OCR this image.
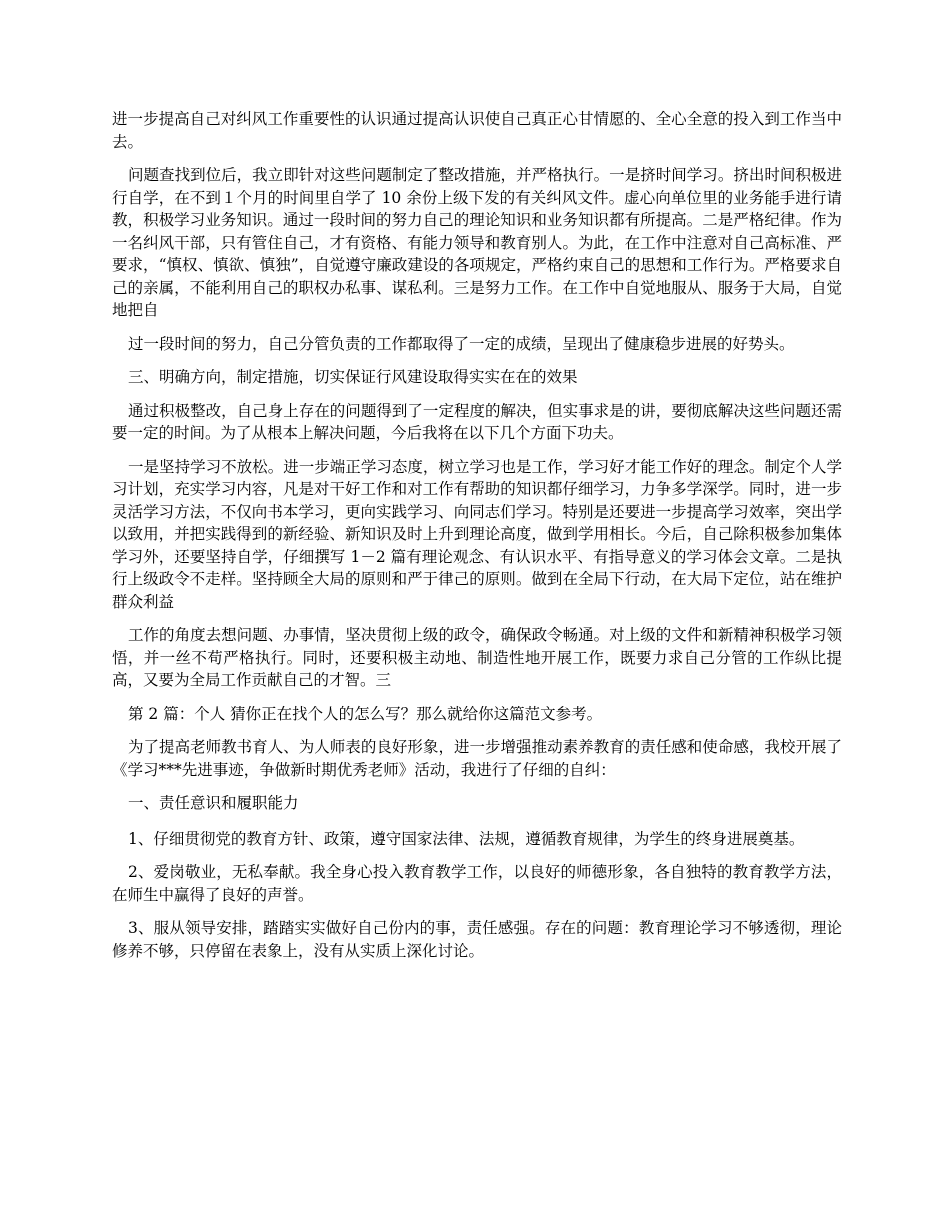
进一步提高自己对纠风工作重要性的认识通过提高认识使自己真正心甘情愿的、全心全意的投入到工作当中去。

问题查找到位后，我立即针对这些问题制定了整改措施，并严格执行。一是挤时间学习。挤出时间积极进行自学，在不到１个月的时间里自学了 10 余份上级下发的有关纠风文件。虚心向单位里的业务能手进行请教，积极学习业务知识。通过一段时间的努力自己的理论知识和业务知识都有所提高。二是严格纪律。作为一名纠风干部，只有管住自己，才有资格、有能力领导和教育别人。为此，在工作中注意对自己高标准、严要求，“慎权、慎欲、慎独”，自觉遵守廉政建设的各项规定，严格约束自己的思想和工作行为。严格要求自己的亲属，不能利用自己的职权办私事、谋私利。三是努力工作。在工作中自觉地服从、服务于大局，自觉地把自

过一段时间的努力，自己分管负责的工作都取得了一定的成绩，呈现出了健康稳步进展的好势头。

三、明确方向，制定措施，切实保证行风建设取得实实在在的效果

通过积极整改，自己身上存在的问题得到了一定程度的解决，但实事求是的讲，要彻底解决这些问题还需要一定的时间。为了从根本上解决问题，今后我将在以下几个方面下功夫。

一是坚持学习不放松。进一步端正学习态度，树立学习也是工作，学习好才能工作好的理念。制定个人学习计划，充实学习内容，凡是对干好工作和对工作有帮助的知识都仔细学习，力争多学深学。同时，进一步灵活学习方法，不仅向书本学习，更向实践学习、向同志们学习。特别是还要进一步提高学习效率，突出学以致用，并把实践得到的新经验、新知识及时上升到理论高度，做到学用相长。今后，自己除积极参加集体学习外，还要坚持自学，仔细撰写 1－2 篇有理论观念、有认识水平、有指导意义的学习体会文章。二是执行上级政令不走样。坚持顾全大局的原则和严于律己的原则。做到在全局下行动，在大局下定位，站在维护群众利益

工作的角度去想问题、办事情，坚决贯彻上级的政令，确保政令畅通。对上级的文件和新精神积极学习领悟，并一丝不苟严格执行。同时，还要积极主动地、制造性地开展工作，既要力求自己分管的工作纵比提高，又要为全局工作贡献自己的才智。三

第 2 篇：个人 猜你正在找个人的怎么写？那么就给你这篇范文参考。

为了提高老师教书育人、为人师表的良好形象，进一步增强推动素养教育的责任感和使命感，我校开展了《学习***先进事迹，争做新时期优秀老师》活动，我进行了仔细的自纠：

一、责任意识和履职能力

1、仔细贯彻党的教育方针、政策，遵守国家法律、法规，遵循教育规律，为学生的终身进展奠基。

2、爱岗敬业，无私奉献。我全身心投入教育教学工作，以良好的师德形象，各自独特的教育教学方法，在师生中赢得了良好的声誉。

3、服从领导安排，踏踏实实做好自己份内的事，责任感强。存在的问题：教育理论学习不够透彻，理论修养不够，只停留在表象上，没有从实质上深化讨论。
